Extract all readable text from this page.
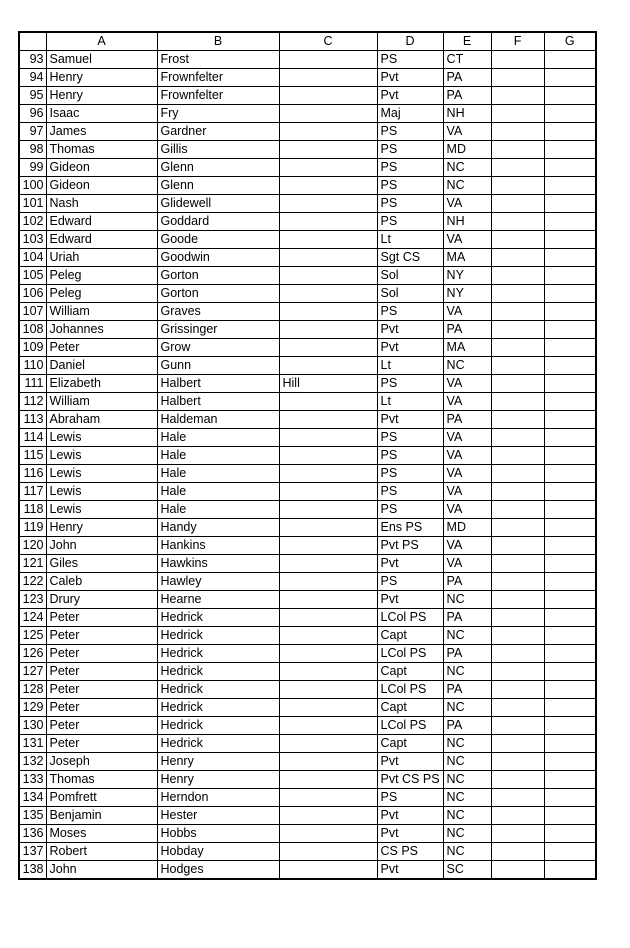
	A	B	C	D	E	F	G
93	Samuel	Frost		PS	CT		
94	Henry	Frownfelter		Pvt	PA		
95	Henry	Frownfelter		Pvt	PA		
96	Isaac	Fry		Maj	NH		
97	James	Gardner		PS	VA		
98	Thomas	Gillis		PS	MD		
99	Gideon	Glenn		PS	NC		
100	Gideon	Glenn		PS	NC		
101	Nash	Glidewell		PS	VA		
102	Edward	Goddard		PS	NH		
103	Edward	Goode		Lt	VA		
104	Uriah	Goodwin		Sgt CS	MA		
105	Peleg	Gorton		Sol	NY		
106	Peleg	Gorton		Sol	NY		
107	William	Graves		PS	VA		
108	Johannes	Grissinger		Pvt	PA		
109	Peter	Grow		Pvt	MA		
110	Daniel	Gunn		Lt	NC		
111	Elizabeth	Halbert	Hill	PS	VA		
112	William	Halbert		Lt	VA		
113	Abraham	Haldeman		Pvt	PA		
114	Lewis	Hale		PS	VA		
115	Lewis	Hale		PS	VA		
116	Lewis	Hale		PS	VA		
117	Lewis	Hale		PS	VA		
118	Lewis	Hale		PS	VA		
119	Henry	Handy		Ens PS	MD		
120	John	Hankins		Pvt PS	VA		
121	Giles	Hawkins		Pvt	VA		
122	Caleb	Hawley		PS	PA		
123	Drury	Hearne		Pvt	NC		
124	Peter	Hedrick		LCol PS	PA		
125	Peter	Hedrick		Capt	NC		
126	Peter	Hedrick		LCol PS	PA		
127	Peter	Hedrick		Capt	NC		
128	Peter	Hedrick		LCol PS	PA		
129	Peter	Hedrick		Capt	NC		
130	Peter	Hedrick		LCol PS	PA		
131	Peter	Hedrick		Capt	NC		
132	Joseph	Henry		Pvt	NC		
133	Thomas	Henry		Pvt CS PS	NC		
134	Pomfrett	Herndon		PS	NC		
135	Benjamin	Hester		Pvt	NC		
136	Moses	Hobbs		Pvt	NC		
137	Robert	Hobday		CS PS	NC		
138	John	Hodges		Pvt	SC		
